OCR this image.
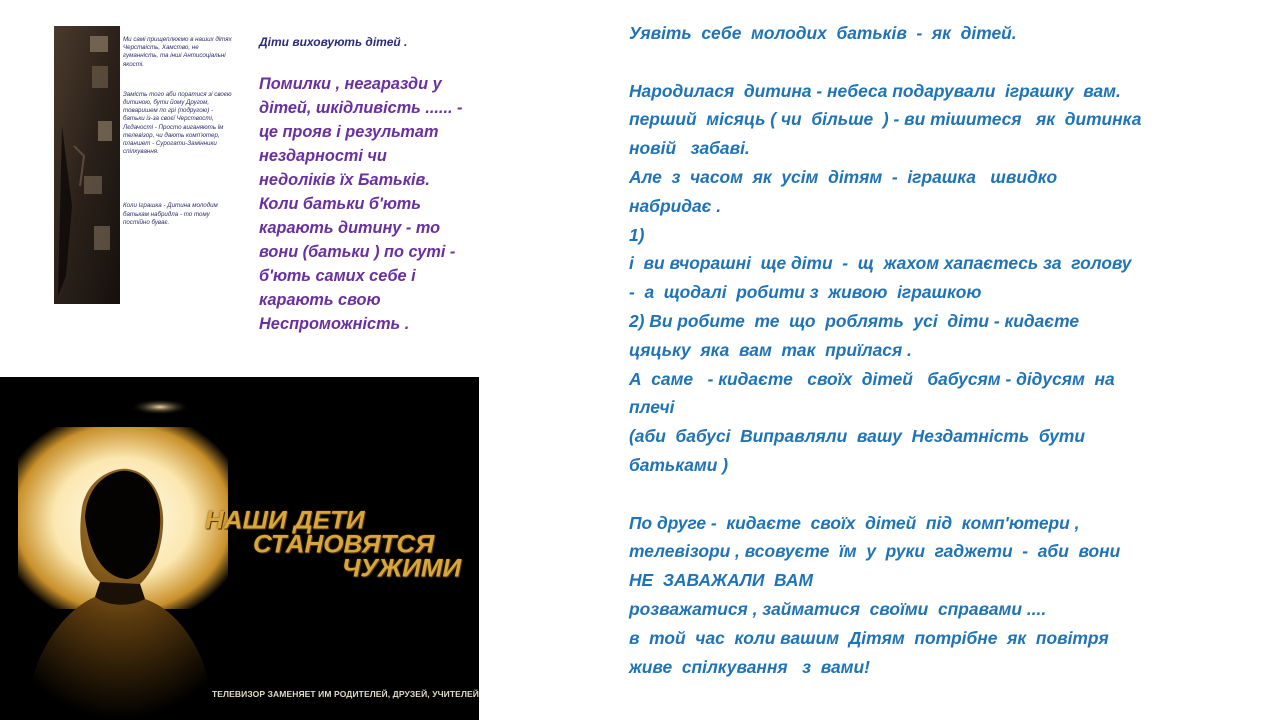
Ми самі прищеплюємо в наших дітях Черствість, Хамство, не гуманність, та інші Антисоціальні якості.

Замість того аби поратися зі своєю дитиною, бути йому Другом, товаришем по грі (подругою) - батьки із-за своєї Черствості, Лєдачості - Просто виганяють їм телевізор, чи дають комп'ютер, планшет - Сурогати-Замінники спілкування.

Коли Іграшка - Дитина молодим батькам набридла - то тому постійно буває.

Діти виховують дітей .
Помилки , негаразди у
дітей, шкідливість ...... -
це прояв і результат
нездарності чи
недоліків їх Батьків.
Коли батьки б'ють
карають дитину - то
вони (батьки ) по суті -
б'ють самих себе і
карають свою
Неспроможність .
НАШИ ДЕТИ
СТАНОВЯТСЯ
ЧУЖИМИ
ТЕЛЕВИЗОР ЗАМЕНЯЕТ ИМ РОДИТЕЛЕЙ, ДРУЗЕЙ, УЧИТЕЛЕЙ
Уявіть  себе  молодих  батьків  -  як  дітей.
Народилася  дитина - небеса подарували  іграшку  вам.
перший  місяць ( чи  більше  ) - ви тішитеся   як  дитинка
новій   забаві.
Але  з  часом  як  усім  дітям  -  іграшка   швидко
набридає .
1)
і  ви вчорашні  ще діти  -  щ  жахом хапаєтесь за  голову
-  а  щодалі  робити з  живою  іграшкою
2) Ви робите  те  що  роблять  усі  діти - кидаєте
цяцьку  яка  вам  так  приїлася .
А  саме   - кидаєте   своїх  дітей   бабусям - дідусям  на
плечі
(аби  бабусі  Виправляли  вашу  Нездатність  бути
батьками )
По друге -  кидаєте  своїх  дітей  під  комп'ютери ,
телевізори , всовуєте  їм  у  руки  гаджети  -  аби  вони
НЕ  ЗАВАЖАЛИ  ВАМ
розважатися , займатися  своїми  справами ....
в  той  час  коли вашим  Дітям  потрібне  як  повітря
живе  спілкування   з  вами!
